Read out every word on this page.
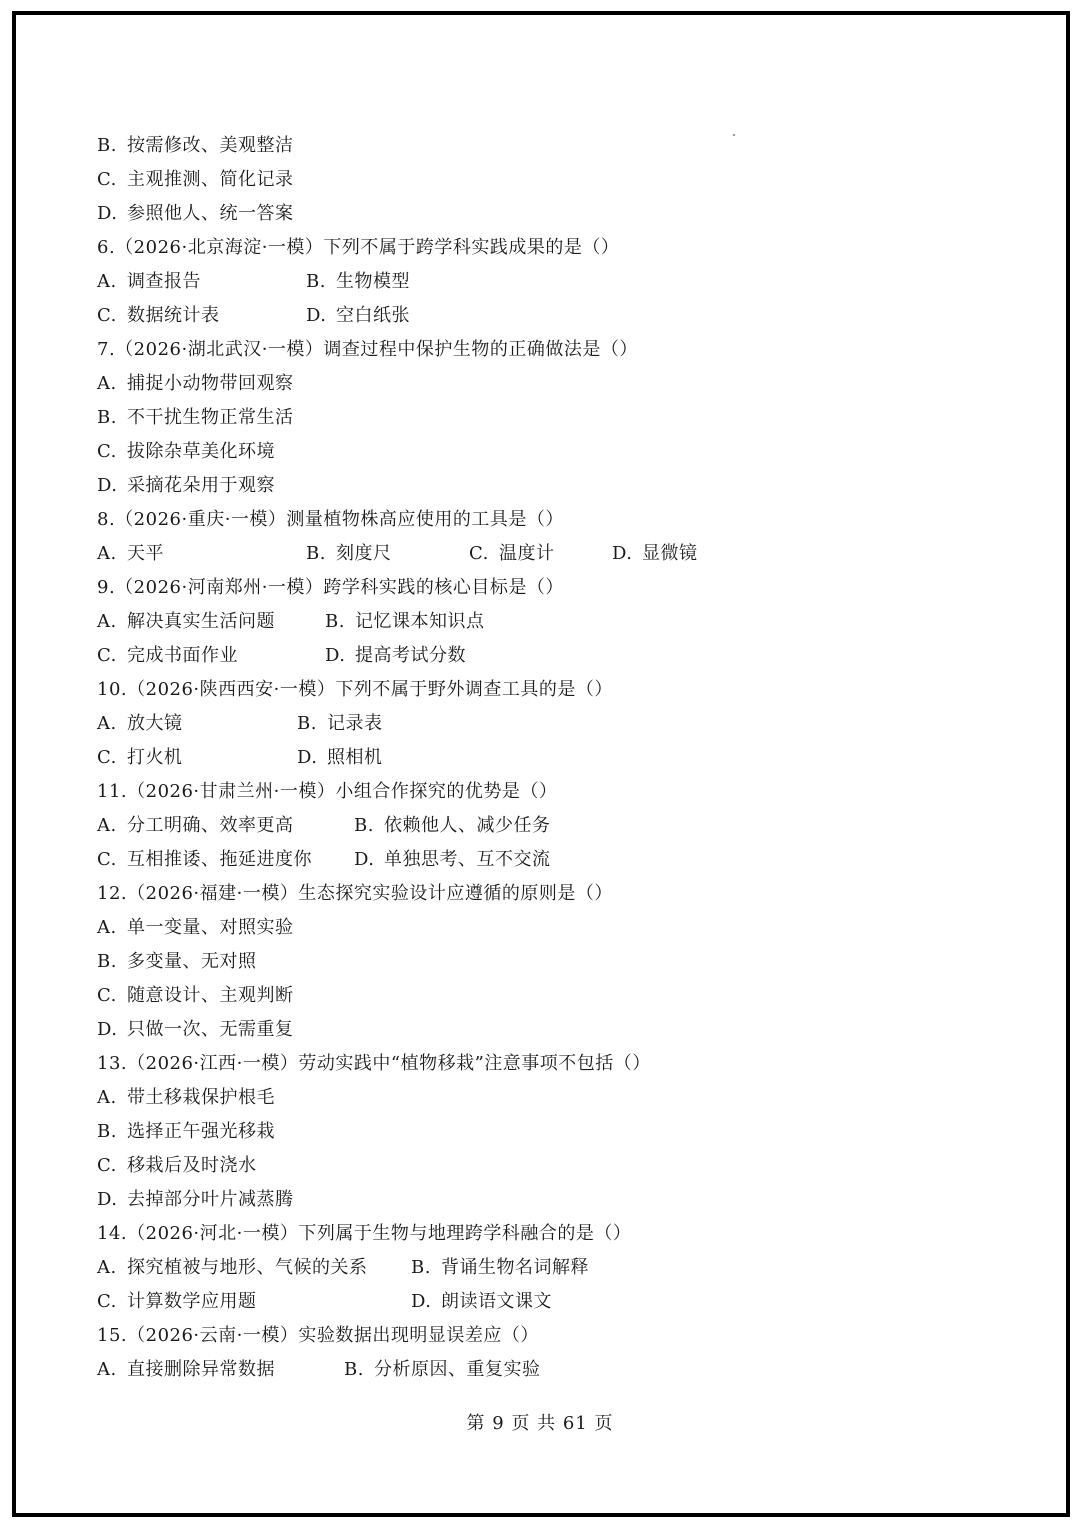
B. 按需修改、美观整洁
C. 主观推测、简化记录
D. 参照他人、统一答案
6.（2026·北京海淀·一模）下列不属于跨学科实践成果的是（）
A. 调查报告	B. 生物模型
C. 数据统计表	D. 空白纸张
7.（2026·湖北武汉·一模）调查过程中保护生物的正确做法是（）
A. 捕捉小动物带回观察
B. 不干扰生物正常生活
C. 拔除杂草美化环境
D. 采摘花朵用于观察
8.（2026·重庆·一模）测量植物株高应使用的工具是（）
A. 天平	B. 刻度尺	C. 温度计	D. 显微镜
9.（2026·河南郑州·一模）跨学科实践的核心目标是（）
A. 解决真实生活问题	B. 记忆课本知识点
C. 完成书面作业	D. 提高考试分数
10.（2026·陕西西安·一模）下列不属于野外调查工具的是（）
A. 放大镜	B. 记录表
C. 打火机	D. 照相机
11.（2026·甘肃兰州·一模）小组合作探究的优势是（）
A. 分工明确、效率更高	B. 依赖他人、减少任务
C. 互相推诿、拖延进度你 D. 单独思考、互不交流
12.（2026·福建·一模）生态探究实验设计应遵循的原则是（）
A. 单一变量、对照实验
B. 多变量、无对照
C. 随意设计、主观判断
D. 只做一次、无需重复
13.（2026·江西·一模）劳动实践中“植物移栽”注意事项不包括（）
A. 带土移栽保护根毛
B. 选择正午强光移栽
C. 移栽后及时浇水
D. 去掉部分叶片减蒸腾
14.（2026·河北·一模）下列属于生物与地理跨学科融合的是（）
A. 探究植被与地形、气候的关系 B. 背诵生物名词解释
C. 计算数学应用题	D. 朗读语文课文
15.（2026·云南·一模）实验数据出现明显误差应（）
A. 直接删除异常数据	B. 分析原因、重复实验
第 9 页 共 61 页
